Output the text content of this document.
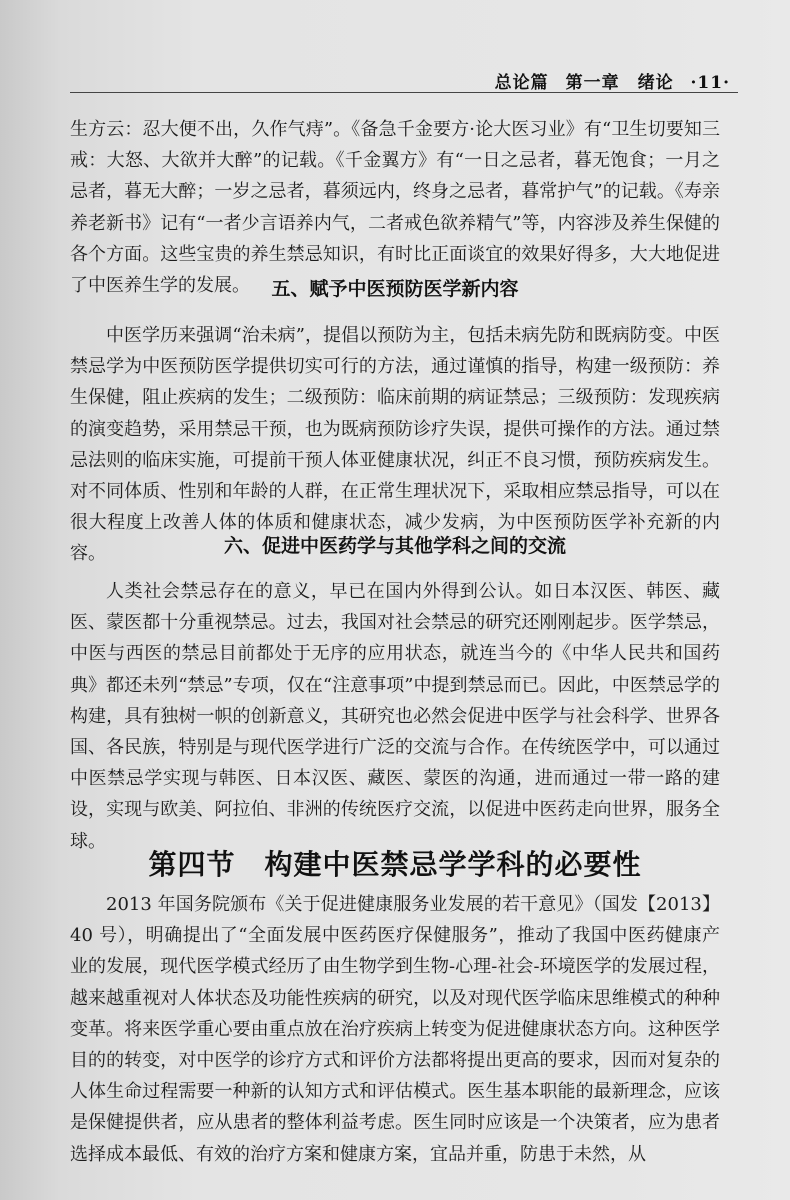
总论篇 第一章　绪论 ·11·

生方云：忍大便不出，久作气痔”。《备急千金要方·论大医习业》有“卫生切要知三戒：大怒、大欲并大醉”的记载。《千金翼方》有“一日之忌者，暮无饱食；一月之忌者，暮无大醉；一岁之忌者，暮须远内，终身之忌者，暮常护气”的记载。《寿亲养老新书》记有“一者少言语养内气，二者戒色欲养精气”等，内容涉及养生保健的各个方面。这些宝贵的养生禁忌知识，有时比正面谈宜的效果好得多，大大地促进了中医养生学的发展。	五、赋予中医预防医学新内容

中医学历来强调“治未病”，提倡以预防为主，包括未病先防和既病防变。中医禁忌学为中医预防医学提供切实可行的方法，通过谨慎的指导，构建一级预防：养生保健，阻止疾病的发生；二级预防：临床前期的病证禁忌；三级预防：发现疾病的演变趋势，采用禁忌干预，也为既病预防诊疗失误，提供可操作的方法。通过禁忌法则的临床实施，可提前干预人体亚健康状况，纠正不良习惯，预防疾病发生。对不同体质、性别和年龄的人群，在正常生理状况下，采取相应禁忌指导，可以在很大程度上改善人体的体质和健康状态，减少发病，为中医预防医学补充新的内容。	六、促进中医药学与其他学科之间的交流

人类社会禁忌存在的意义，早已在国内外得到公认。如日本汉医、韩医、藏医、蒙医都十分重视禁忌。过去，我国对社会禁忌的研究还刚刚起步。医学禁忌，中医与西医的禁忌目前都处于无序的应用状态，就连当今的《中华人民共和国药典》都还未列“禁忌”专项，仅在“注意事项”中提到禁忌而已。因此，中医禁忌学的构建，具有独树一帜的创新意义，其研究也必然会促进中医学与社会科学、世界各国、各民族，特别是与现代医学进行广泛的交流与合作。在传统医学中，可以通过中医禁忌学实现与韩医、日本汉医、藏医、蒙医的沟通，进而通过一带一路的建设，实现与欧美、阿拉伯、非洲的传统医疗交流，以促进中医药走向世界，服务全球。

第四节　构建中医禁忌学学科的必要性

2013 年国务院颁布《关于促进健康服务业发展的若干意见》（国发【2013】40 号），明确提出了“全面发展中医药医疗保健服务”，推动了我国中医药健康产业的发展，现代医学模式经历了由生物学到生物-心理-社会-环境医学的发展过程，越来越重视对人体状态及功能性疾病的研究，以及对现代医学临床思维模式的种种变革。将来医学重心要由重点放在治疗疾病上转变为促进健康状态方向。这种医学目的的转变，对中医学的诊疗方式和评价方法都将提出更高的要求，因而对复杂的人体生命过程需要一种新的认知方式和评估模式。医生基本职能的最新理念，应该是保健提供者，应从患者的整体利益考虑。医生同时应该是一个决策者，应为患者选择成本最低、有效的治疗方案和健康方案，宜品并重，防患于未然，从
